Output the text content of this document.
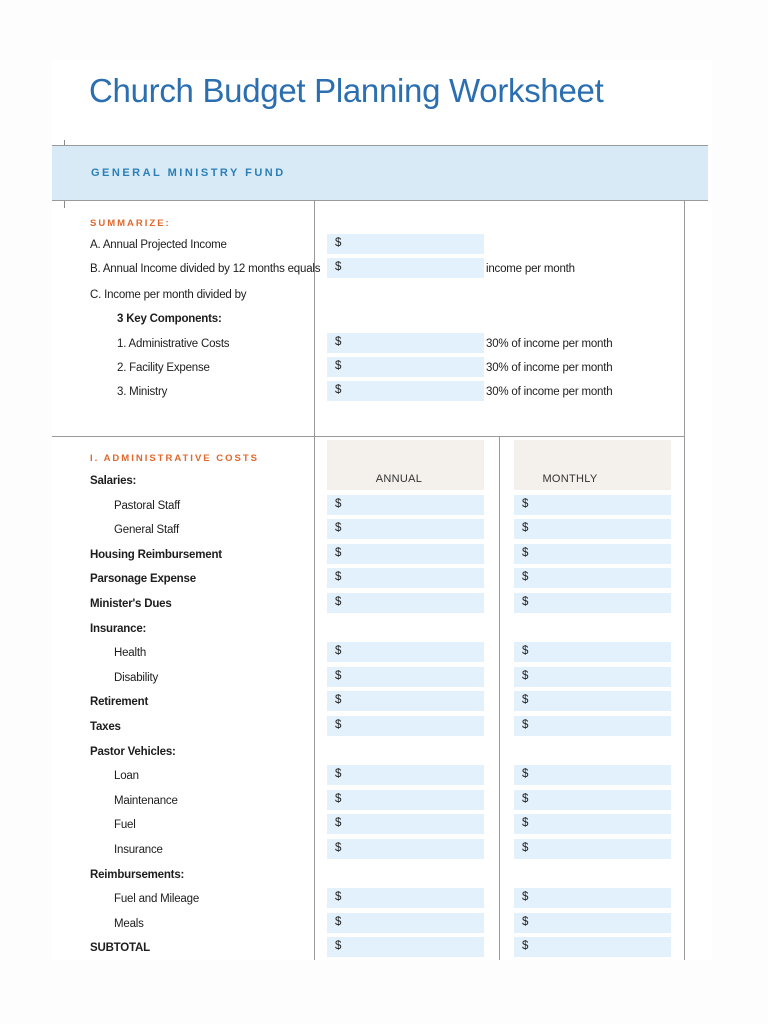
Church Budget Planning Worksheet
GENERAL MINISTRY FUND
SUMMARIZE:
A. Annual Projected Income	$
B. Annual Income divided by 12 months equals $	income per month
C. Income per month divided by
3 Key Components:
1. Administrative Costs	$	30% of income per month
2. Facility Expense	$	30% of income per month
3. Ministry	$	30% of income per month
I. ADMINISTRATIVE COSTS
ANNUAL	MONTHLY
Salaries:
Pastoral Staff	$	$
General Staff	$	$
Housing Reimbursement	$	$
Parsonage Expense	$	$
Minister's Dues	$	$
Insurance:
Health	$	$
Disability	$	$
Retirement	$	$
Taxes	$	$
Pastor Vehicles:
Loan	$	$
Maintenance	$	$
Fuel	$	$
Insurance	$	$
Reimbursements:
Fuel and Mileage	$	$
Meals	$	$
SUBTOTAL	$	$
